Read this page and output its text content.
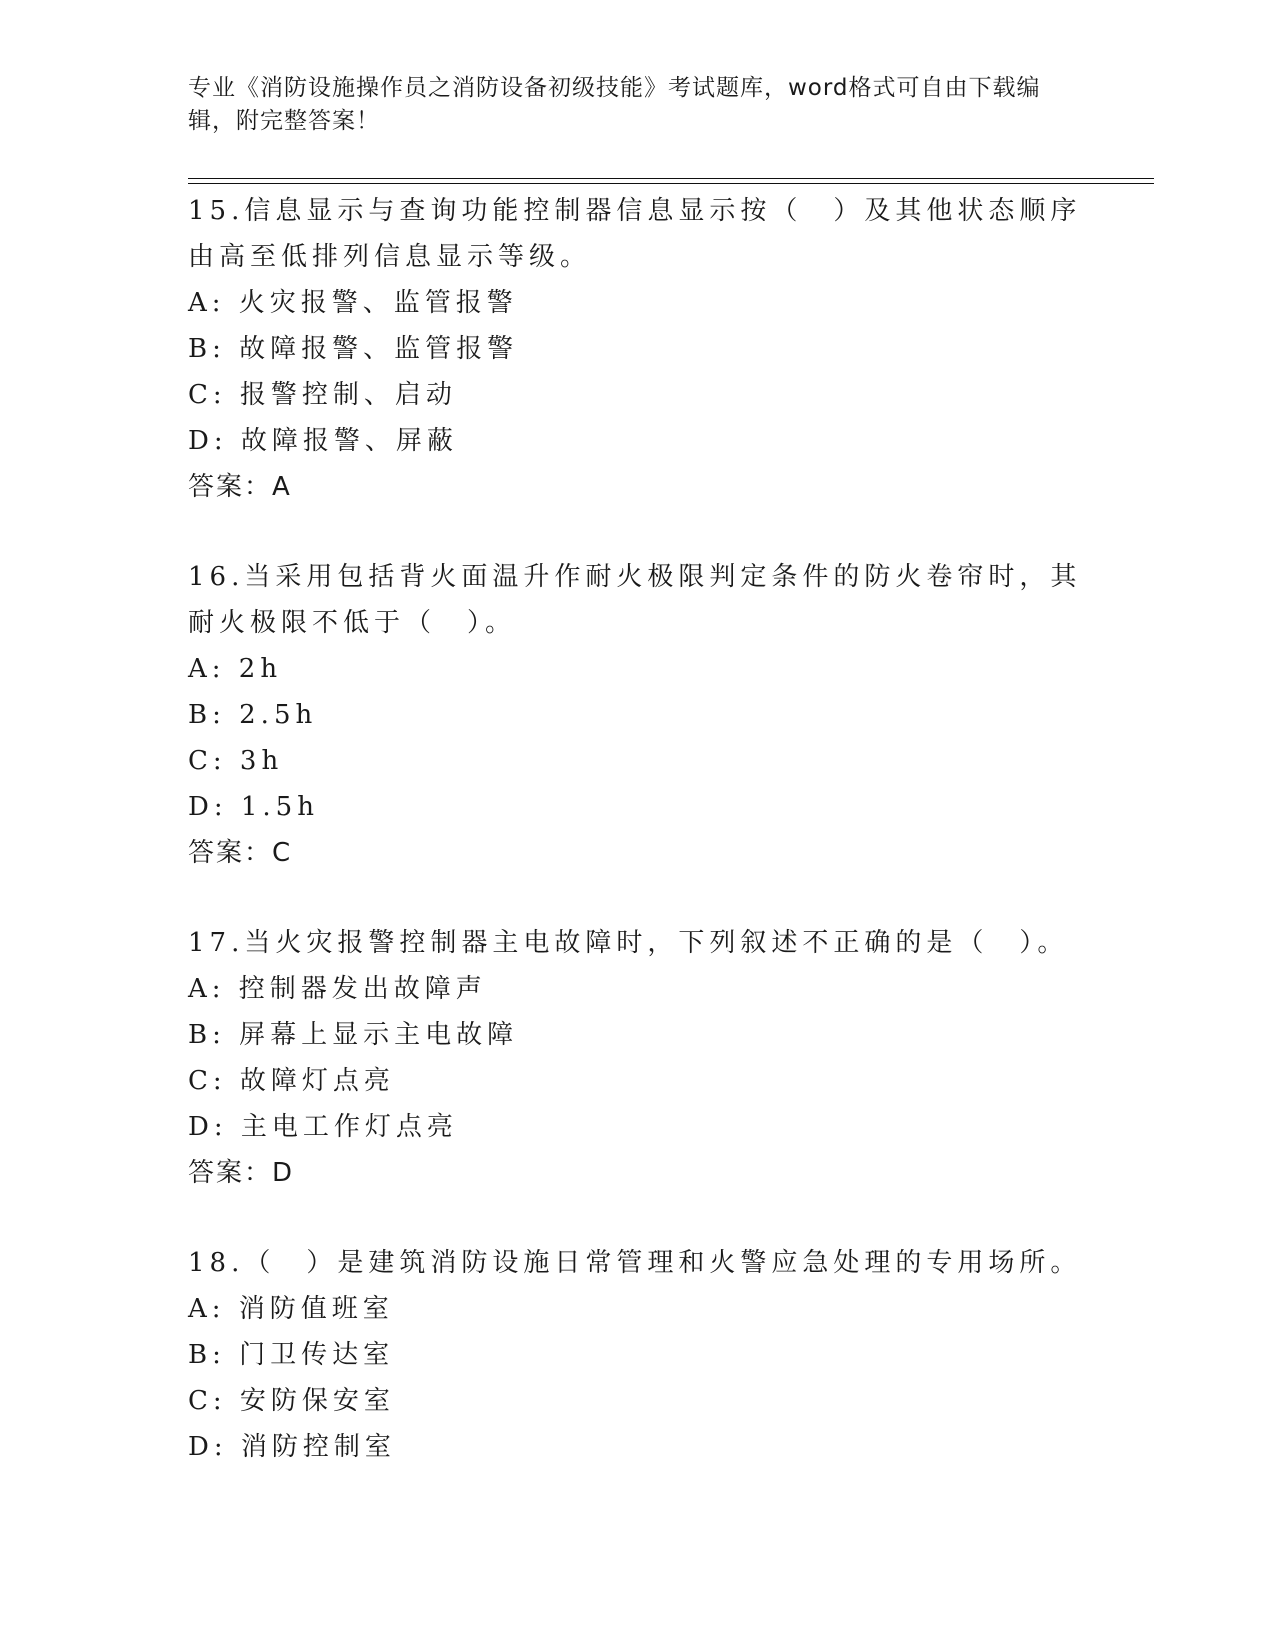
专业《消防设施操作员之消防设备初级技能》考试题库，word格式可自由下载编辑，附完整答案！
15.信息显示与查询功能控制器信息显示按（　）及其他状态顺序由高至低排列信息显示等级。
A: 火灾报警、监管报警
B: 故障报警、监管报警
C: 报警控制、启动
D: 故障报警、屏蔽
答案：A
16.当采用包括背火面温升作耐火极限判定条件的防火卷帘时，其耐火极限不低于（　）。
A: 2h
B: 2.5h
C: 3h
D: 1.5h
答案：C
17.当火灾报警控制器主电故障时，下列叙述不正确的是（　）。
A: 控制器发出故障声
B: 屏幕上显示主电故障
C: 故障灯点亮
D: 主电工作灯点亮
答案：D
18.（　）是建筑消防设施日常管理和火警应急处理的专用场所。
A: 消防值班室
B: 门卫传达室
C: 安防保安室
D: 消防控制室
